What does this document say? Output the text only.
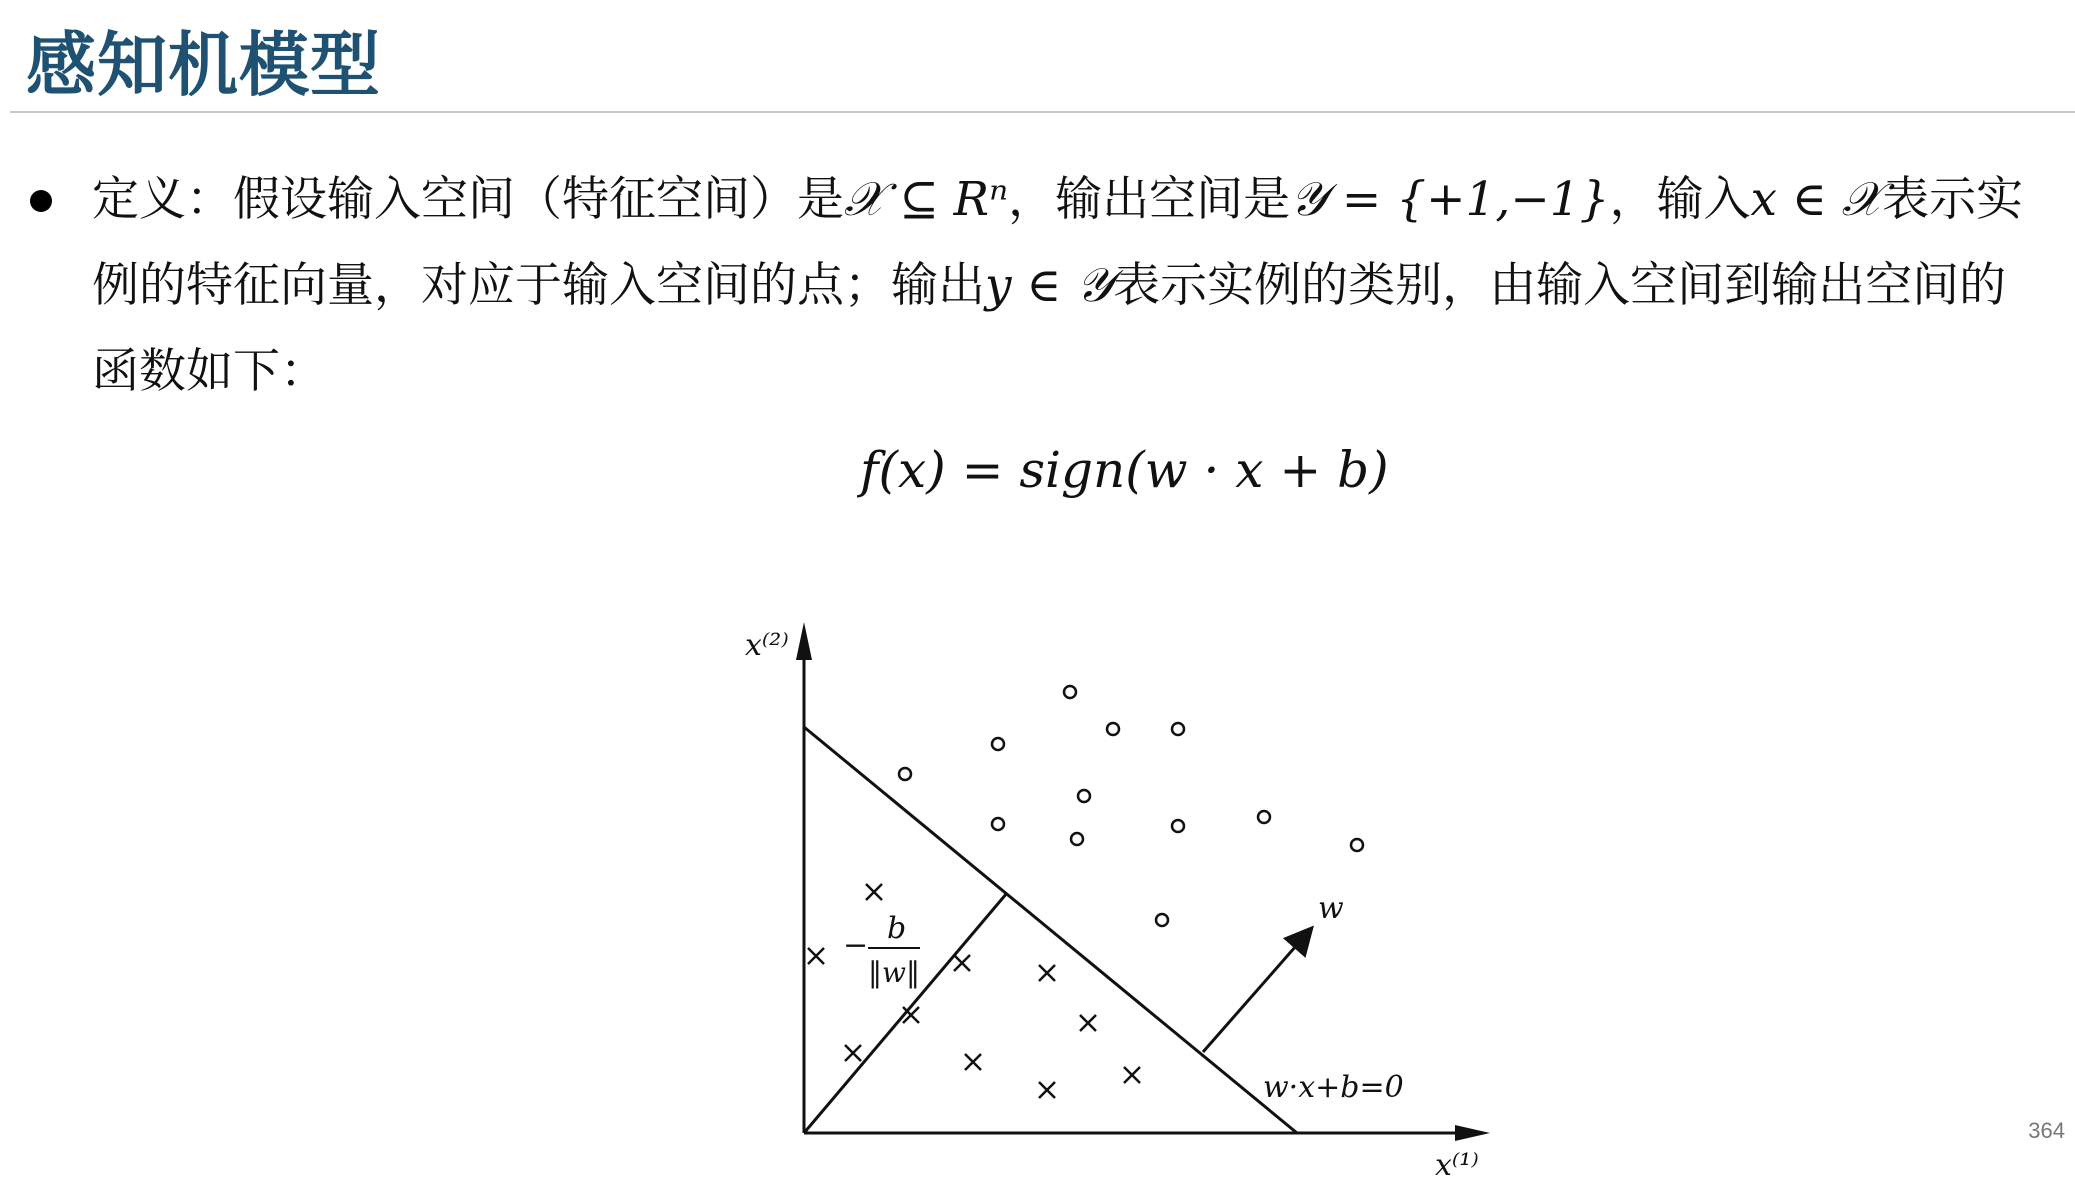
感知机模型
定义：假设输入空间（特征空间）是𝒳 ⊆ Rⁿ，输出空间是𝒴 = {+1,−1}，输入x ∈ 𝒳表示实
例的特征向量，对应于输入空间的点；输出y ∈ 𝒴表示实例的类别，由输入空间到输出空间的
函数如下：
f(x) = sign(w · x + b)
x⁽²⁾
x⁽¹⁾
w·x+b=0
− b
‖w‖
w
364
